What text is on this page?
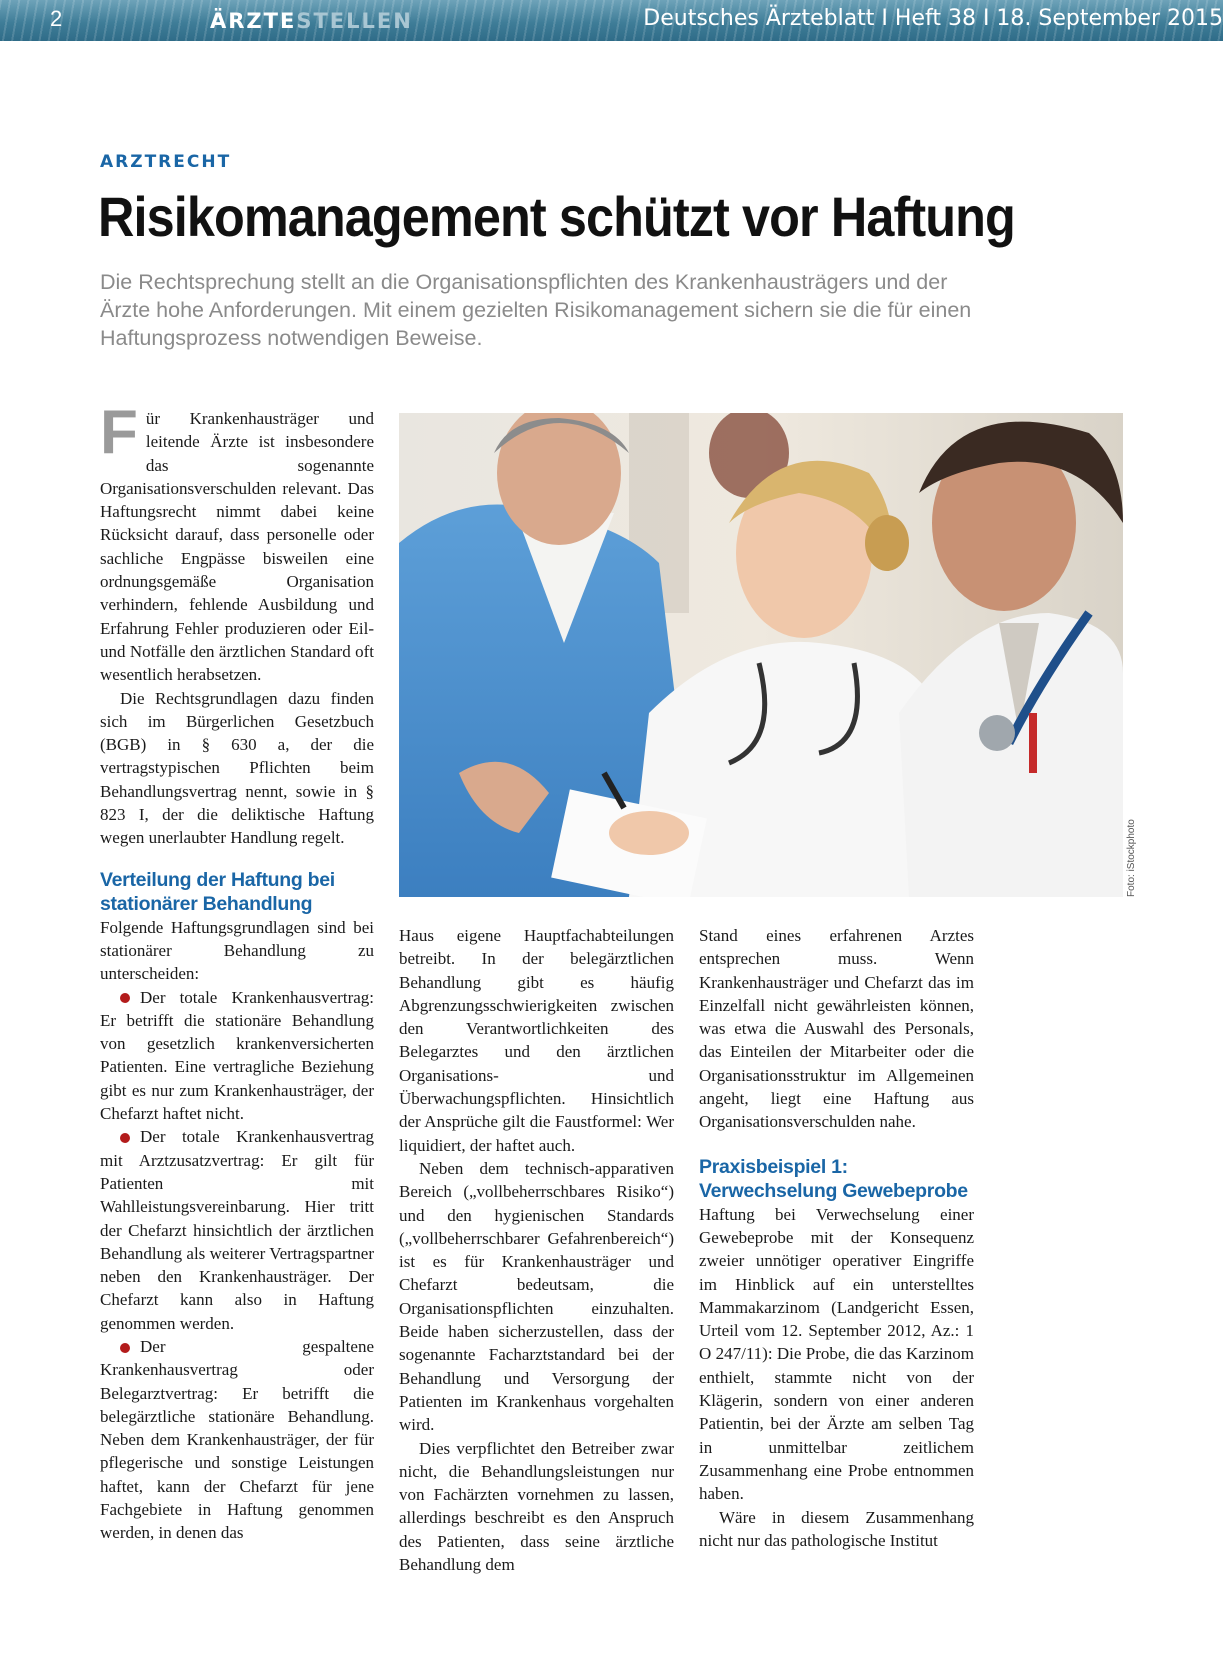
2	ÄRZTESTELLEN	Deutsches Ärzteblatt I Heft 38 I 18. September 2015
ARZTRECHT
Risikomanagement schützt vor Haftung
Die Rechtsprechung stellt an die Organisationspflichten des Krankenhausträgers und der Ärzte hohe Anforderungen. Mit einem gezielten Risikomanagement sichern sie die für einen Haftungsprozess notwendigen Beweise.

Für Krankenhausträger und leitende Ärzte ist insbesondere das sogenannte Organisationsverschulden relevant. Das Haftungsrecht nimmt dabei keine Rücksicht darauf, dass personelle oder sachliche Engpässe bisweilen eine ordnungsgemäße Organisation verhindern, fehlende Ausbildung und Erfahrung Fehler produzieren oder Eil- und Notfälle den ärztlichen Standard oft wesentlich herabsetzen.

Die Rechtsgrundlagen dazu finden sich im Bürgerlichen Gesetzbuch (BGB) in § 630 a, der die vertragstypischen Pflichten beim Behandlungsvertrag nennt, sowie in § 823 I, der die deliktische Haftung wegen unerlaubter Handlung regelt.

Verteilung der Haftung bei stationärer Behandlung

Folgende Haftungsgrundlagen sind bei stationärer Behandlung zu unterscheiden:

Der totale Krankenhausvertrag: Er betrifft die stationäre Behandlung von gesetzlich krankenversicherten Patienten. Eine vertragliche Beziehung gibt es nur zum Krankenhausträger, der Chefarzt haftet nicht.

Der totale Krankenhausvertrag mit Arztzusatzvertrag: Er gilt für Patienten mit Wahlleistungsvereinbarung. Hier tritt der Chefarzt hinsichtlich der ärztlichen Behandlung als weiterer Vertragspartner neben den Krankenhausträger. Der Chefarzt kann also in Haftung genommen werden.

Der gespaltene Krankenhausvertrag oder Belegarztvertrag: Er betrifft die belegärztliche stationäre Behandlung. Neben dem Krankenhausträger, der für pflegerische und sonstige Leistungen haftet, kann der Chefarzt für jene Fachgebiete in Haftung genommen werden, in denen das

Foto: iStockphoto

Haus eigene Hauptfachabteilungen betreibt. In der belegärztlichen Behandlung gibt es häufig Abgrenzungsschwierigkeiten zwischen den Verantwortlichkeiten des Belegarztes und den ärztlichen Organisations- und Überwachungspflichten. Hinsichtlich der Ansprüche gilt die Faustformel: Wer liquidiert, der haftet auch.

Neben dem technisch-apparativen Bereich („vollbeherrschbares Risiko“) und den hygienischen Standards („vollbeherrschbarer Gefahrenbereich“) ist es für Krankenhausträger und Chefarzt bedeutsam, die Organisationspflichten einzuhalten. Beide haben sicherzustellen, dass der sogenannte Facharztstandard bei der Behandlung und Versorgung der Patienten im Krankenhaus vorgehalten wird.

Dies verpflichtet den Betreiber zwar nicht, die Behandlungsleistungen nur von Fachärzten vornehmen zu lassen, allerdings beschreibt es den Anspruch des Patienten, dass seine ärztliche Behandlung dem

Stand eines erfahrenen Arztes entsprechen muss. Wenn Krankenhausträger und Chefarzt das im Einzelfall nicht gewährleisten können, was etwa die Auswahl des Personals, das Einteilen der Mitarbeiter oder die Organisationsstruktur im Allgemeinen angeht, liegt eine Haftung aus Organisationsverschulden nahe.

Praxisbeispiel 1: Verwechselung Gewebeprobe

Haftung bei Verwechselung einer Gewebeprobe mit der Konsequenz zweier unnötiger operativer Eingriffe im Hinblick auf ein unterstelltes Mammakarzinom (Landgericht Essen, Urteil vom 12. September 2012, Az.: 1 O 247/11): Die Probe, die das Karzinom enthielt, stammte nicht von der Klägerin, sondern von einer anderen Patientin, bei der Ärzte am selben Tag in unmittelbar zeitlichem Zusammenhang eine Probe entnommen haben.

Wäre in diesem Zusammenhang nicht nur das pathologische Institut
